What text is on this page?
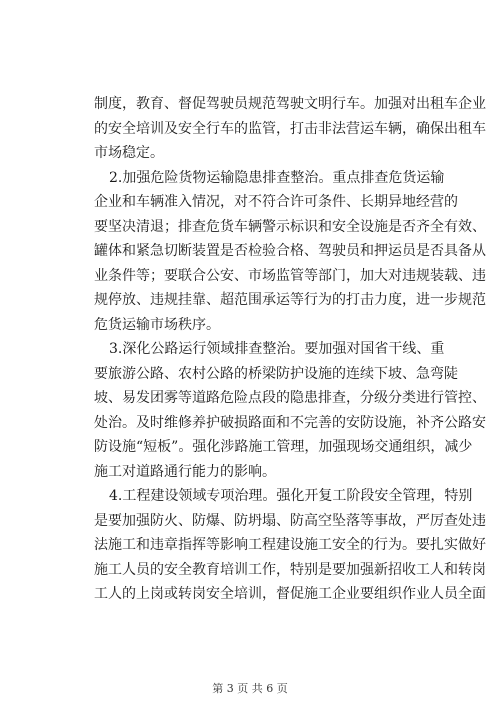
制度，教育、督促驾驶员规范驾驶文明行车。加强对出租车企业
的安全培训及安全行车的监管，打击非法营运车辆，确保出租车
市场稳定。
2.加强危险货物运输隐患排查整治。重点排查危货运输
企业和车辆准入情况，对不符合许可条件、长期异地经营的
要坚决清退；排查危货车辆警示标识和安全设施是否齐全有效、
罐体和紧急切断装置是否检验合格、驾驶员和押运员是否具备从
业条件等；要联合公安、市场监管等部门，加大对违规装载、违
规停放、违规挂靠、超范围承运等行为的打击力度，进一步规范
危货运输市场秩序。
3.深化公路运行领域排查整治。要加强对国省干线、重
要旅游公路、农村公路的桥梁防护设施的连续下坡、急弯陡
坡、易发团雾等道路危险点段的隐患排查，分级分类进行管控、
处治。及时维修养护破损路面和不完善的安防设施，补齐公路安
防设施“短板”。强化涉路施工管理，加强现场交通组织，减少
施工对道路通行能力的影响。
4.工程建设领域专项治理。强化开复工阶段安全管理，特别
是要加强防火、防爆、防坍塌、防高空坠落等事故，严厉查处违
法施工和违章指挥等影响工程建设施工安全的行为。要扎实做好
施工人员的安全教育培训工作，特别是要加强新招收工人和转岗
工人的上岗或转岗安全培训，督促施工企业要组织作业人员全面
第 3 页 共 6 页
